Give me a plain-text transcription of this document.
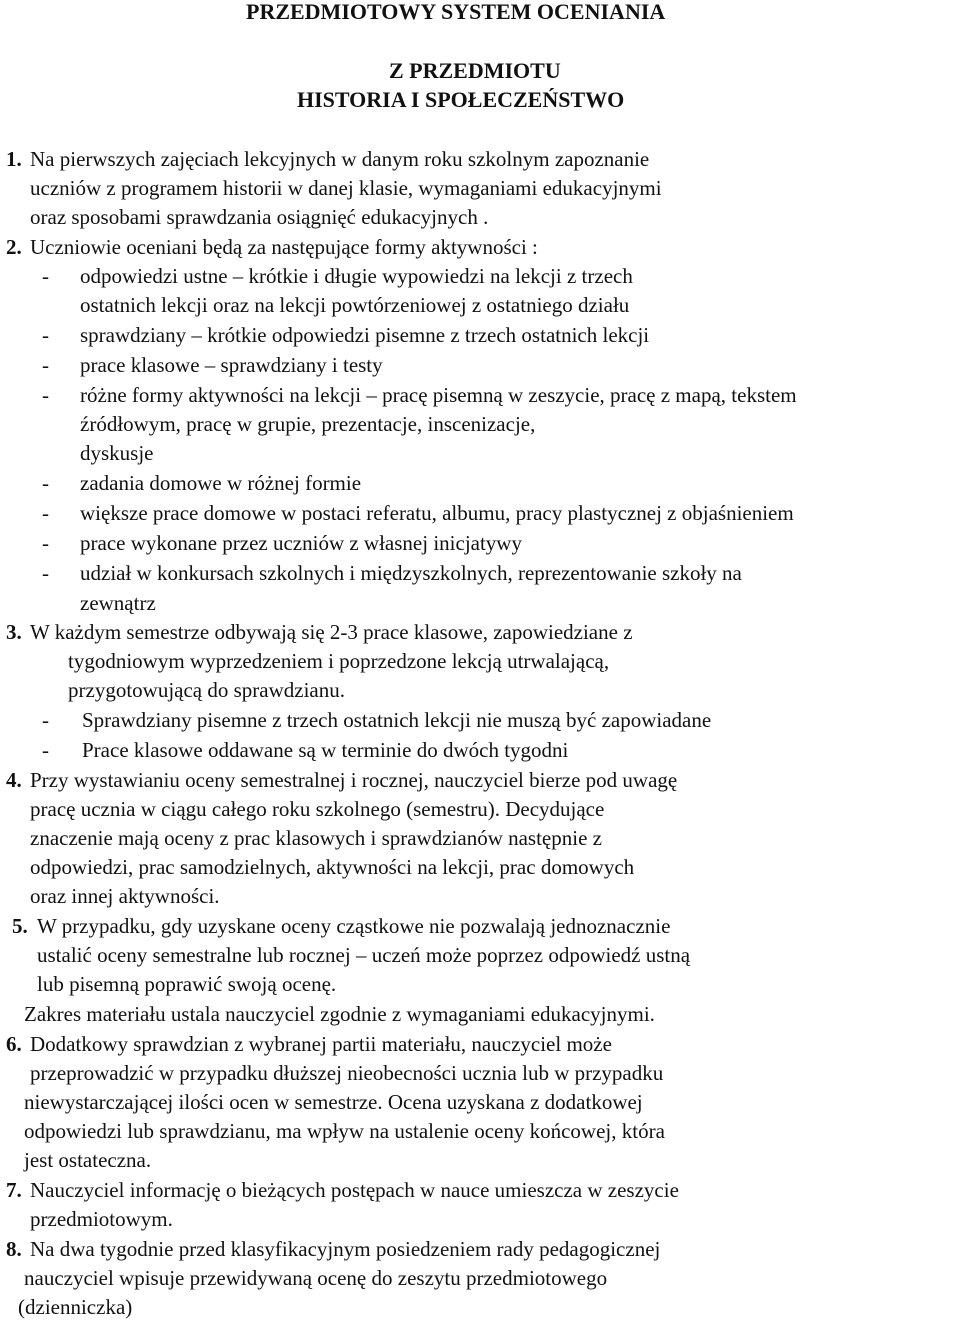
PRZEDMIOTOWY SYSTEM OCENIANIA
Z PRZEDMIOTU
HISTORIA I SPOŁECZEŃSTWO
1. Na pierwszych zajęciach lekcyjnych w danym roku szkolnym zapoznanie
uczniów z programem historii w danej klasie, wymaganiami edukacyjnymi
oraz sposobami sprawdzania osiągnięć edukacyjnych .
2. Uczniowie oceniani będą za następujące formy aktywności :
- odpowiedzi ustne – krótkie i długie wypowiedzi na lekcji z trzech
ostatnich lekcji oraz na lekcji powtórzeniowej z ostatniego działu
- sprawdziany – krótkie odpowiedzi pisemne z trzech ostatnich lekcji
- prace klasowe – sprawdziany i testy
- różne formy aktywności na lekcji – pracę pisemną w zeszycie, pracę z mapą, tekstem
źródłowym, pracę w grupie, prezentacje, inscenizacje,
dyskusje
- zadania domowe w różnej formie
- większe prace domowe w postaci referatu, albumu, pracy plastycznej z objaśnieniem
- prace wykonane przez uczniów z własnej inicjatywy
- udział w konkursach szkolnych i międzyszkolnych, reprezentowanie szkoły na
zewnątrz
3. W każdym semestrze odbywają się 2-3 prace klasowe, zapowiedziane z
tygodniowym wyprzedzeniem i poprzedzone lekcją utrwalającą,
przygotowującą do sprawdzianu.
- Sprawdziany pisemne z trzech ostatnich lekcji nie muszą być zapowiadane
- Prace klasowe oddawane są w terminie do dwóch tygodni
4. Przy wystawianiu oceny semestralnej i rocznej, nauczyciel bierze pod uwagę
pracę ucznia w ciągu całego roku szkolnego (semestru). Decydujące
znaczenie mają oceny z prac klasowych i sprawdzianów następnie z
odpowiedzi, prac samodzielnych, aktywności na lekcji, prac domowych
oraz innej aktywności.
5. W przypadku, gdy uzyskane oceny cząstkowe nie pozwalają jednoznacznie
ustalić oceny semestralne lub rocznej – uczeń może poprzez odpowiedź ustną
lub pisemną poprawić swoją ocenę.
Zakres materiału ustala nauczyciel zgodnie z wymaganiami edukacyjnymi.
6. Dodatkowy sprawdzian z wybranej partii materiału, nauczyciel może
przeprowadzić w przypadku dłuższej nieobecności ucznia lub w przypadku
niewystarczającej ilości ocen w semestrze. Ocena uzyskana z dodatkowej
odpowiedzi lub sprawdzianu, ma wpływ na ustalenie oceny końcowej, która
jest ostateczna.
7. Nauczyciel informację o bieżących postępach w nauce umieszcza w zeszycie
przedmiotowym.
8. Na dwa tygodnie przed klasyfikacyjnym posiedzeniem rady pedagogicznej
nauczyciel wpisuje przewidywaną ocenę do zeszytu przedmiotowego
(dzienniczka)
